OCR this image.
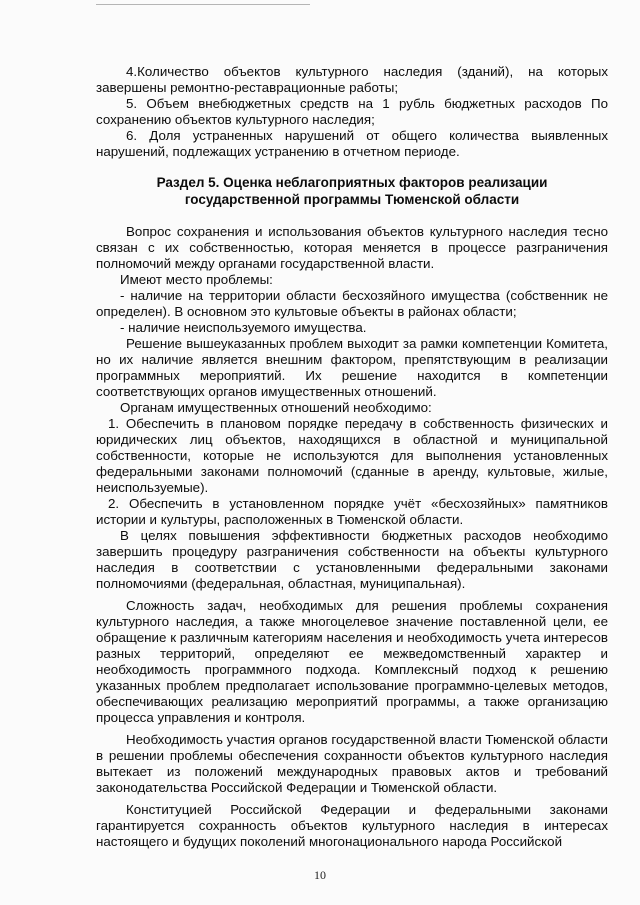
4.Количество объектов культурного наследия (зданий), на которых завершены ремонтно-реставрационные работы;

5. Объем внебюджетных средств на 1 рубль бюджетных расходов По сохранению объектов культурного наследия;

6. Доля устраненных нарушений от общего количества выявленных нарушений, подлежащих устранению в отчетном периоде.

Раздел 5. Оценка неблагоприятных факторов реализации
государственной программы Тюменской области

Вопрос сохранения и использования объектов культурного наследия тесно связан с их собственностью, которая меняется в процессе разграничения полномочий между органами государственной власти.

Имеют место проблемы:

- наличие на территории области бесхозяйного имущества (собственник не определен). В основном это культовые объекты в районах области;

- наличие неиспользуемого имущества.

Решение вышеуказанных проблем выходит за рамки компетенции Комитета, но их наличие является внешним фактором, препятствующим в реализации программных мероприятий. Их решение находится в компетенции соответствующих органов имущественных отношений.

Органам имущественных отношений необходимо:

1. Обеспечить в плановом порядке передачу в собственность физических и юридических лиц объектов, находящихся в областной и муниципальной собственности, которые не используются для выполнения установленных федеральными законами полномочий (сданные в аренду, культовые, жилые, неиспользуемые).

2. Обеспечить в установленном порядке учёт «бесхозяйных» памятников истории и культуры, расположенных в Тюменской области.

В целях повышения эффективности бюджетных расходов необходимо завершить процедуру разграничения собственности на объекты культурного наследия в соответствии с установленными федеральными законами полномочиями (федеральная, областная, муниципальная).

Сложность задач, необходимых для решения проблемы сохранения культурного наследия, а также многоцелевое значение поставленной цели, ее обращение к различным категориям населения и необходимость учета интересов разных территорий, определяют ее межведомственный характер и необходимость программного подхода. Комплексный подход к решению указанных проблем предполагает использование программно-целевых методов, обеспечивающих реализацию мероприятий программы, а также организацию процесса управления и контроля.

Необходимость участия органов государственной власти Тюменской области в решении проблемы обеспечения сохранности объектов культурного наследия вытекает из положений международных правовых актов и требований законодательства Российской Федерации и Тюменской области.

Конституцией Российской Федерации и федеральными законами гарантируется сохранность объектов культурного наследия в интересах настоящего и будущих поколений многонационального народа Российской

10
